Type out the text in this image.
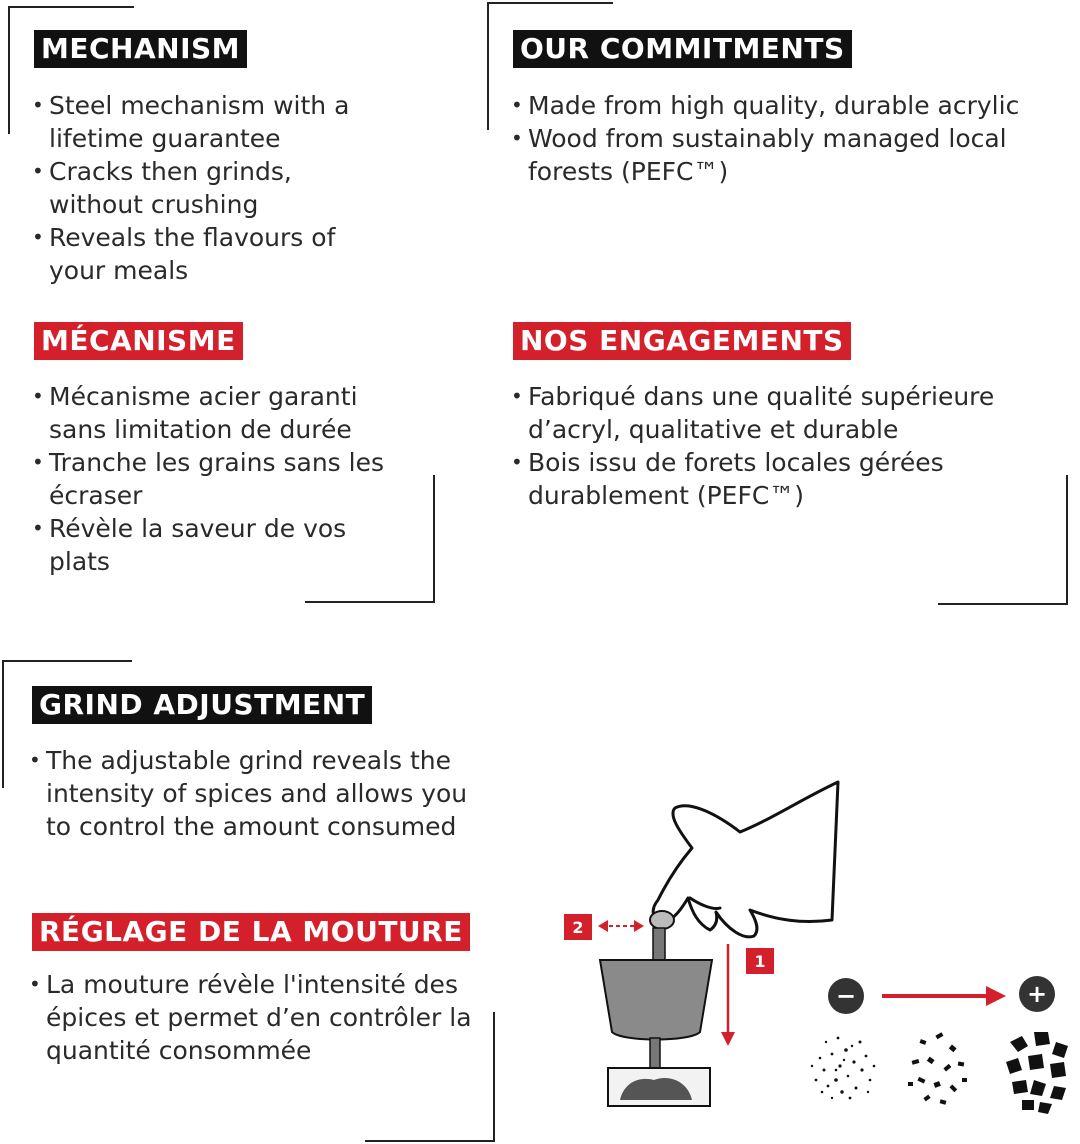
MECHANISM
• Steel mechanism with a lifetime guarantee
• Cracks then grinds, without crushing
• Reveals the flavours of your meals
OUR COMMITMENTS
• Made from high quality, durable acrylic
• Wood from sustainably managed local forests (PEFC™)
MÉCANISME
• Mécanisme acier garanti sans limitation de durée
• Tranche les grains sans les écraser
• Révèle la saveur de vos plats
NOS ENGAGEMENTS
• Fabriqué dans une qualité supérieure d’acryl, qualitative et durable
• Bois issu de forets locales gérées durablement (PEFC™)
GRIND ADJUSTMENT
• The adjustable grind reveals the intensity of spices and allows you to control the amount consumed
RÉGLAGE DE LA MOUTURE
• La mouture révèle l'intensité des épices et permet d’en contrôler la quantité consommée
2
1
−	+
